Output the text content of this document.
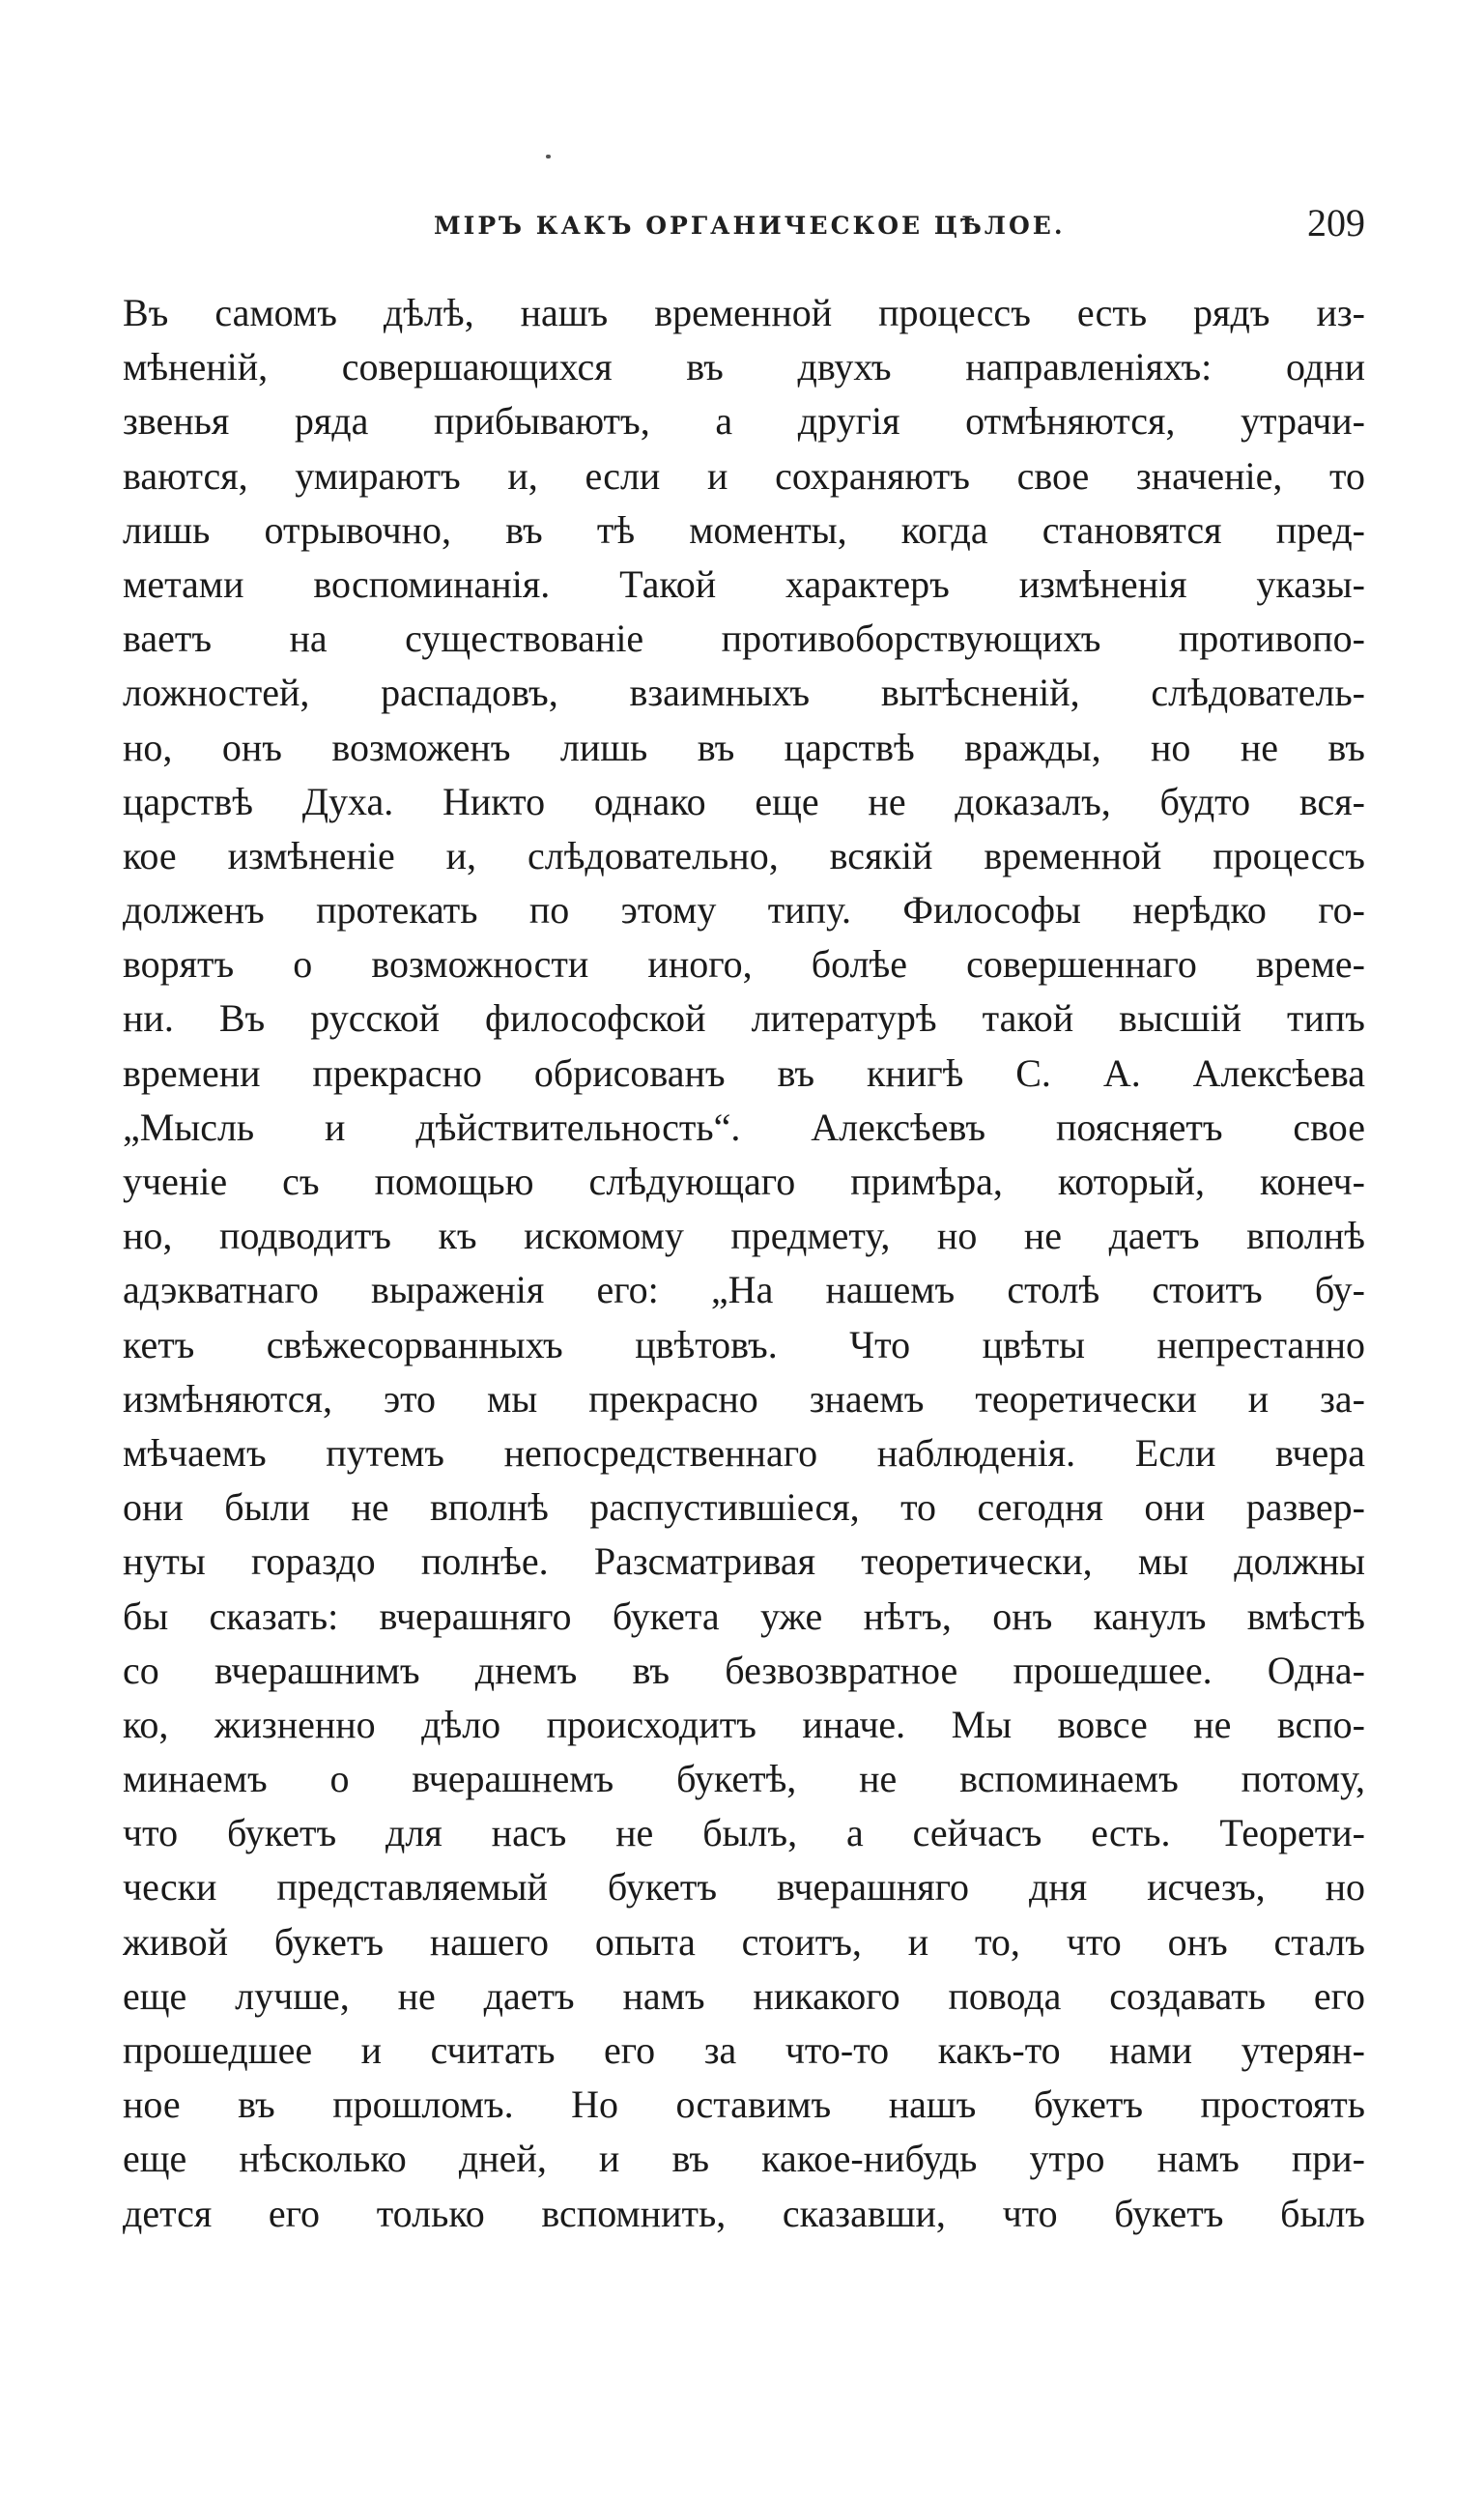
МІРЪ КАКЪ ОРГАНИЧЕСКОЕ ЦѢЛОЕ.	209
Въ самомъ дѣлѣ, нашъ временной процессъ есть рядъ из-
мѣненій, совершающихся въ двухъ направленіяхъ: одни
звенья ряда прибываютъ, а другія отмѣняются, утрачи-
ваются, умираютъ и, если и сохраняютъ свое значеніе, то
лишь отрывочно, въ тѣ моменты, когда становятся пред-
метами воспоминанія. Такой характеръ измѣненія указы-
ваетъ на существованіе противоборствующихъ противопо-
ложностей, распадовъ, взаимныхъ вытѣсненій, слѣдователь-
но, онъ возможенъ лишь въ царствѣ вражды, но не въ
царствѣ Духа. Никто однако еще не доказалъ, будто вся-
кое измѣненіе и, слѣдовательно, всякій временной процессъ
долженъ протекать по этому типу. Философы нерѣдко го-
ворятъ о возможности иного, болѣе совершеннаго време-
ни. Въ русской философской литературѣ такой высшій типъ
времени прекрасно обрисованъ въ книгѣ С. А. Алексѣева
„Мысль и дѣйствительность“. Алексѣевъ поясняетъ свое
ученіе съ помощью слѣдующаго примѣра, который, конеч-
но, подводитъ къ искомому предмету, но не даетъ вполнѣ
адэкватнаго выраженія его: „На нашемъ столѣ стоитъ бу-
кетъ свѣжесорванныхъ цвѣтовъ. Что цвѣты непрестанно
измѣняются, это мы прекрасно знаемъ теоретически и за-
мѣчаемъ путемъ непосредственнаго наблюденія. Если вчера
они были не вполнѣ распустившіеся, то сегодня они развер-
нуты гораздо полнѣе. Разсматривая теоретически, мы должны
бы сказать: вчерашняго букета уже нѣтъ, онъ канулъ вмѣстѣ
со вчерашнимъ днемъ въ безвозвратное прошедшее. Одна-
ко, жизненно дѣло происходитъ иначе. Мы вовсе не вспо-
минаемъ о вчерашнемъ букетѣ, не вспоминаемъ потому,
что букетъ для насъ не былъ, а сейчасъ есть. Теорети-
чески представляемый букетъ вчерашняго дня исчезъ, но
живой букетъ нашего опыта стоитъ, и то, что онъ сталъ
еще лучше, не даетъ намъ никакого повода создавать его
прошедшее и считать его за что-то какъ-то нами утерян-
ное въ прошломъ. Но оставимъ нашъ букетъ простоять
еще нѣсколько дней, и въ какое-нибудь утро намъ при-
дется его только вспомнить, сказавши, что букетъ былъ
